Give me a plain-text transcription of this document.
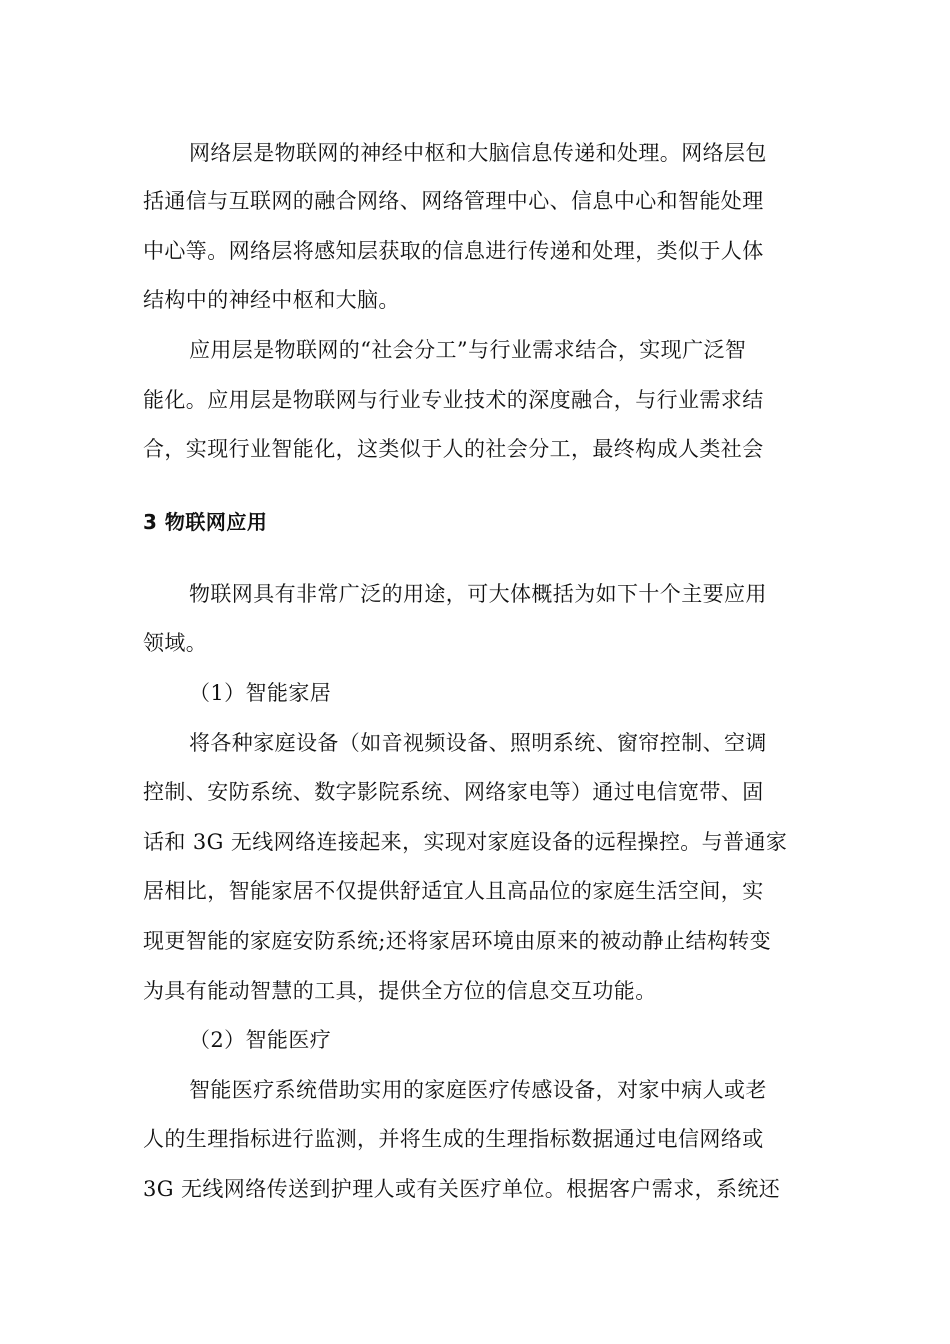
网络层是物联网的神经中枢和大脑信息传递和处理。网络层包
括通信与互联网的融合网络、网络管理中心、信息中心和智能处理
中心等。网络层将感知层获取的信息进行传递和处理，类似于人体
结构中的神经中枢和大脑。
应用层是物联网的“社会分工”与行业需求结合，实现广泛智
能化。应用层是物联网与行业专业技术的深度融合，与行业需求结
合，实现行业智能化，这类似于人的社会分工，最终构成人类社会
3 物联网应用
物联网具有非常广泛的用途，可大体概括为如下十个主要应用
领域。
（1）智能家居
将各种家庭设备（如音视频设备、照明系统、窗帘控制、空调
控制、安防系统、数字影院系统、网络家电等）通过电信宽带、固
话和 3G 无线网络连接起来，实现对家庭设备的远程操控。与普通家
居相比，智能家居不仅提供舒适宜人且高品位的家庭生活空间，实
现更智能的家庭安防系统;还将家居环境由原来的被动静止结构转变
为具有能动智慧的工具，提供全方位的信息交互功能。
（2）智能医疗
智能医疗系统借助实用的家庭医疗传感设备，对家中病人或老
人的生理指标进行监测，并将生成的生理指标数据通过电信网络或
3G 无线网络传送到护理人或有关医疗单位。根据客户需求，系统还
